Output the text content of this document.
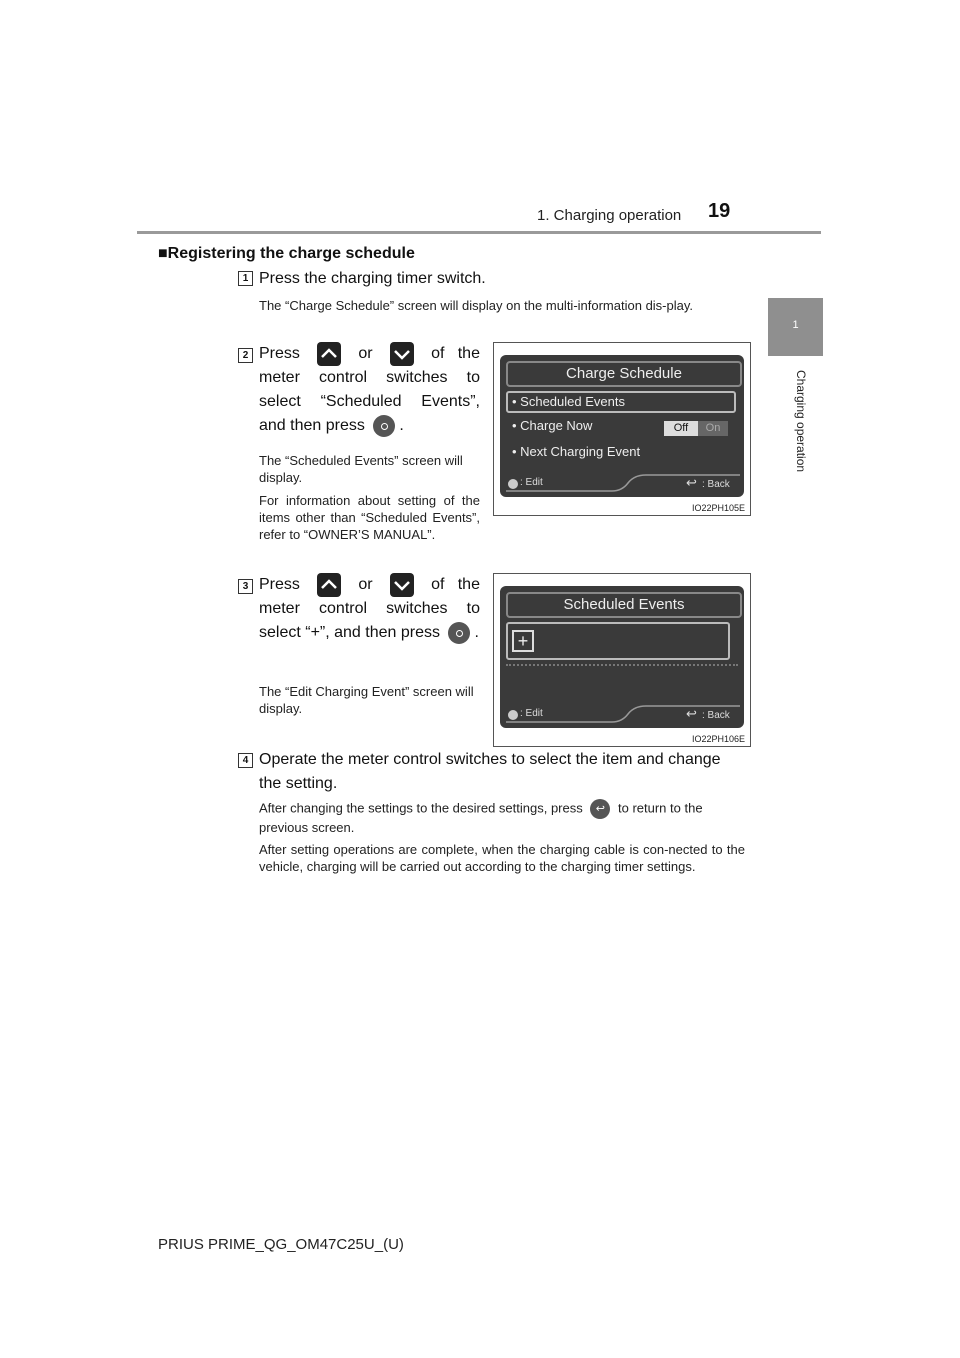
1. Charging operation 19
1
Charging operation
■Registering the charge schedule
1 Press the charging timer switch.
The “Charge Schedule” screen will display on the multi-information dis-play.
2 Press	or	of the meter control switches to select “Scheduled Events”, and then press .
The “Scheduled Events” screen will display.
For information about setting of the items other than “Scheduled Events”, refer to “OWNER’S MANUAL”.
Charge Schedule
• Scheduled Events
• Charge Now	Off	On
• Next Charging Event
: Edit	↩ : Back
IO22PH105E
3 Press	or	of the meter control switches to select “+”, and then press .
The “Edit Charging Event” screen will display.
Scheduled Events
+
: Edit	↩ : Back
IO22PH106E
4 Operate the meter control switches to select the item and change the setting.
After changing the settings to the desired settings, press ↩ to return to the previous screen.
After setting operations are complete, when the charging cable is con-nected to the vehicle, charging will be carried out according to the charging timer settings.
PRIUS PRIME_QG_OM47C25U_(U)
